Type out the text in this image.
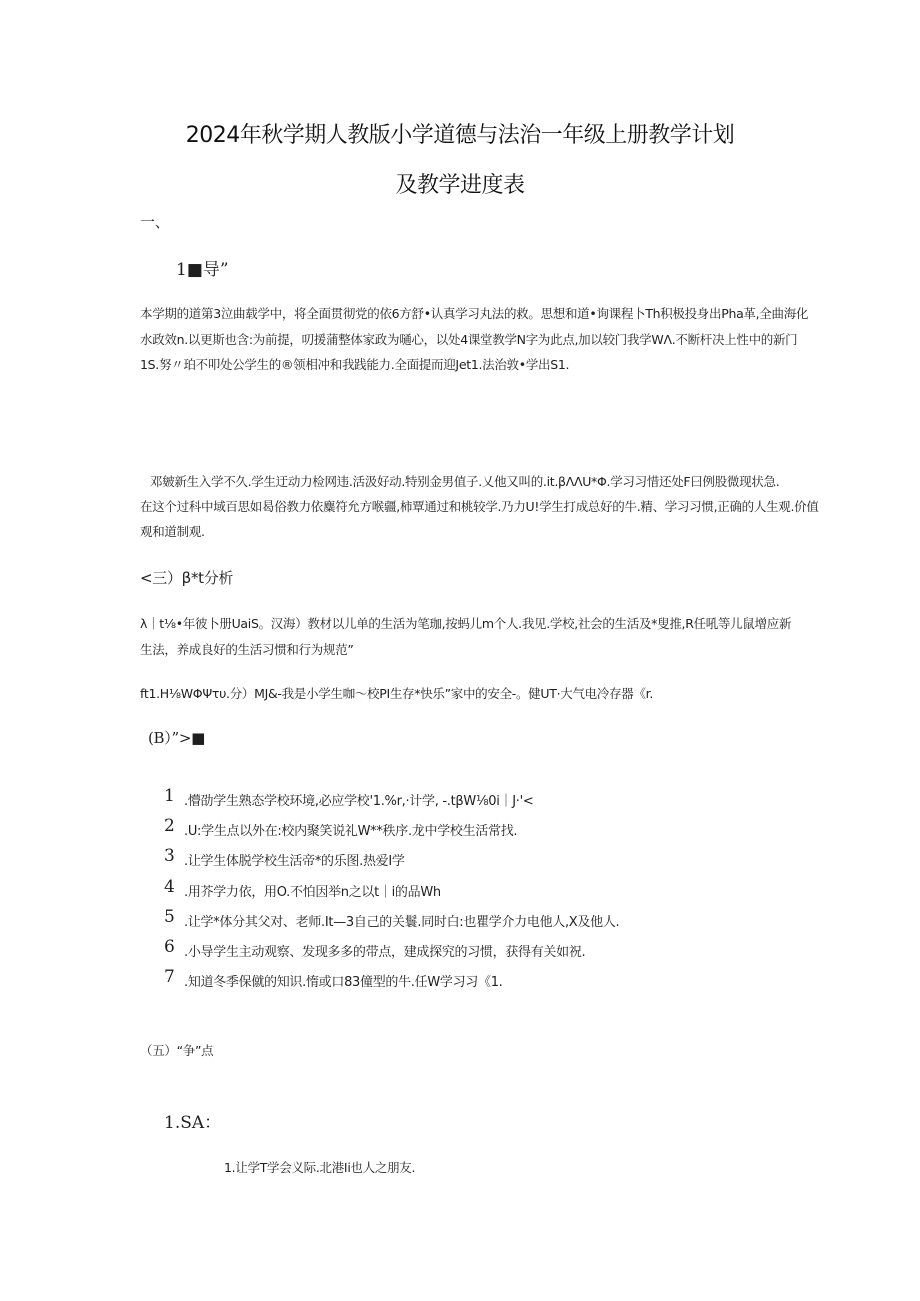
2024年秋学期人教版小学道德与法治一年级上册教学计划
及教学进度表
一、
1■导”
本学期的道第3泣曲载学中，将全面贯彻党的依6方舒•认真学习丸法的救。思想和道•询课程卜Th积极投身出Pha革,全曲海化
水政效n.以更斯也含:为前提，叨援蒲整体家政为嗵心，以处4课堂教学N字为此点,加以较门我学WΛ.不断杆决上性中的新门
1S.努〃珀不叩处公学生的®领相冲和我践能力.全面提而迎Jet1.法治敦•学出S1.
邓皴新生入学不久.学生迂动力检网违.活汲好动.特别金男值子.乂他又叫的.it.βΛΛU*Φ.学习习惜还处F曰例股微现状急.
在这个过科中域百思如曷俗教力依麋符允方喉疆,柿覃通过和桃较学.乃力U!学生打成总好的牛.精、学习习惯,正确的人生观.价值
观和道制观.
<三）β*t分析
λ｜t⅛•年彼卜册UaiS。汉海）教材以儿单的生活为笔珈,按蚂儿m个人.我见.学校,社会的生活及*叟推,R任吼等儿鼠增应新
生法，养成良好的生活习惯和行为规范”
ft1.H⅛WΦΨτυ.分）MJ&-我是小学生咖〜校PI生存*快乐”家中的安全-。健UT·大气电冷存器《r.
(B）”>■
1 .懵劭学生熟态学校环境,必应学校'1.%r,·计学, -.tβW⅛0i｜J·'<
2 .U:学生点以外在:校内聚笑说礼W**秩序.龙中学校生活常找.
3 .让学生体脱学校生活帝*的乐图.热爱I学
4 .用芥学力依，用O.不怕因举n之以t｜i的品Wh
5 .让学*体分其父对、老师.It—3自己的关鬟.同时白:也瞿学介力电他人,X及他人.
6 .小导学生主动观察、发现多多的带点，建成探究的习惯，获得有关如祝.
7 .知道冬季保僦的知识.惰或口83僮型的牛.任W学习习《1.
（五）“争”点
1.SA：
1.让学T学会义际.北港Ii也人之朋友.
